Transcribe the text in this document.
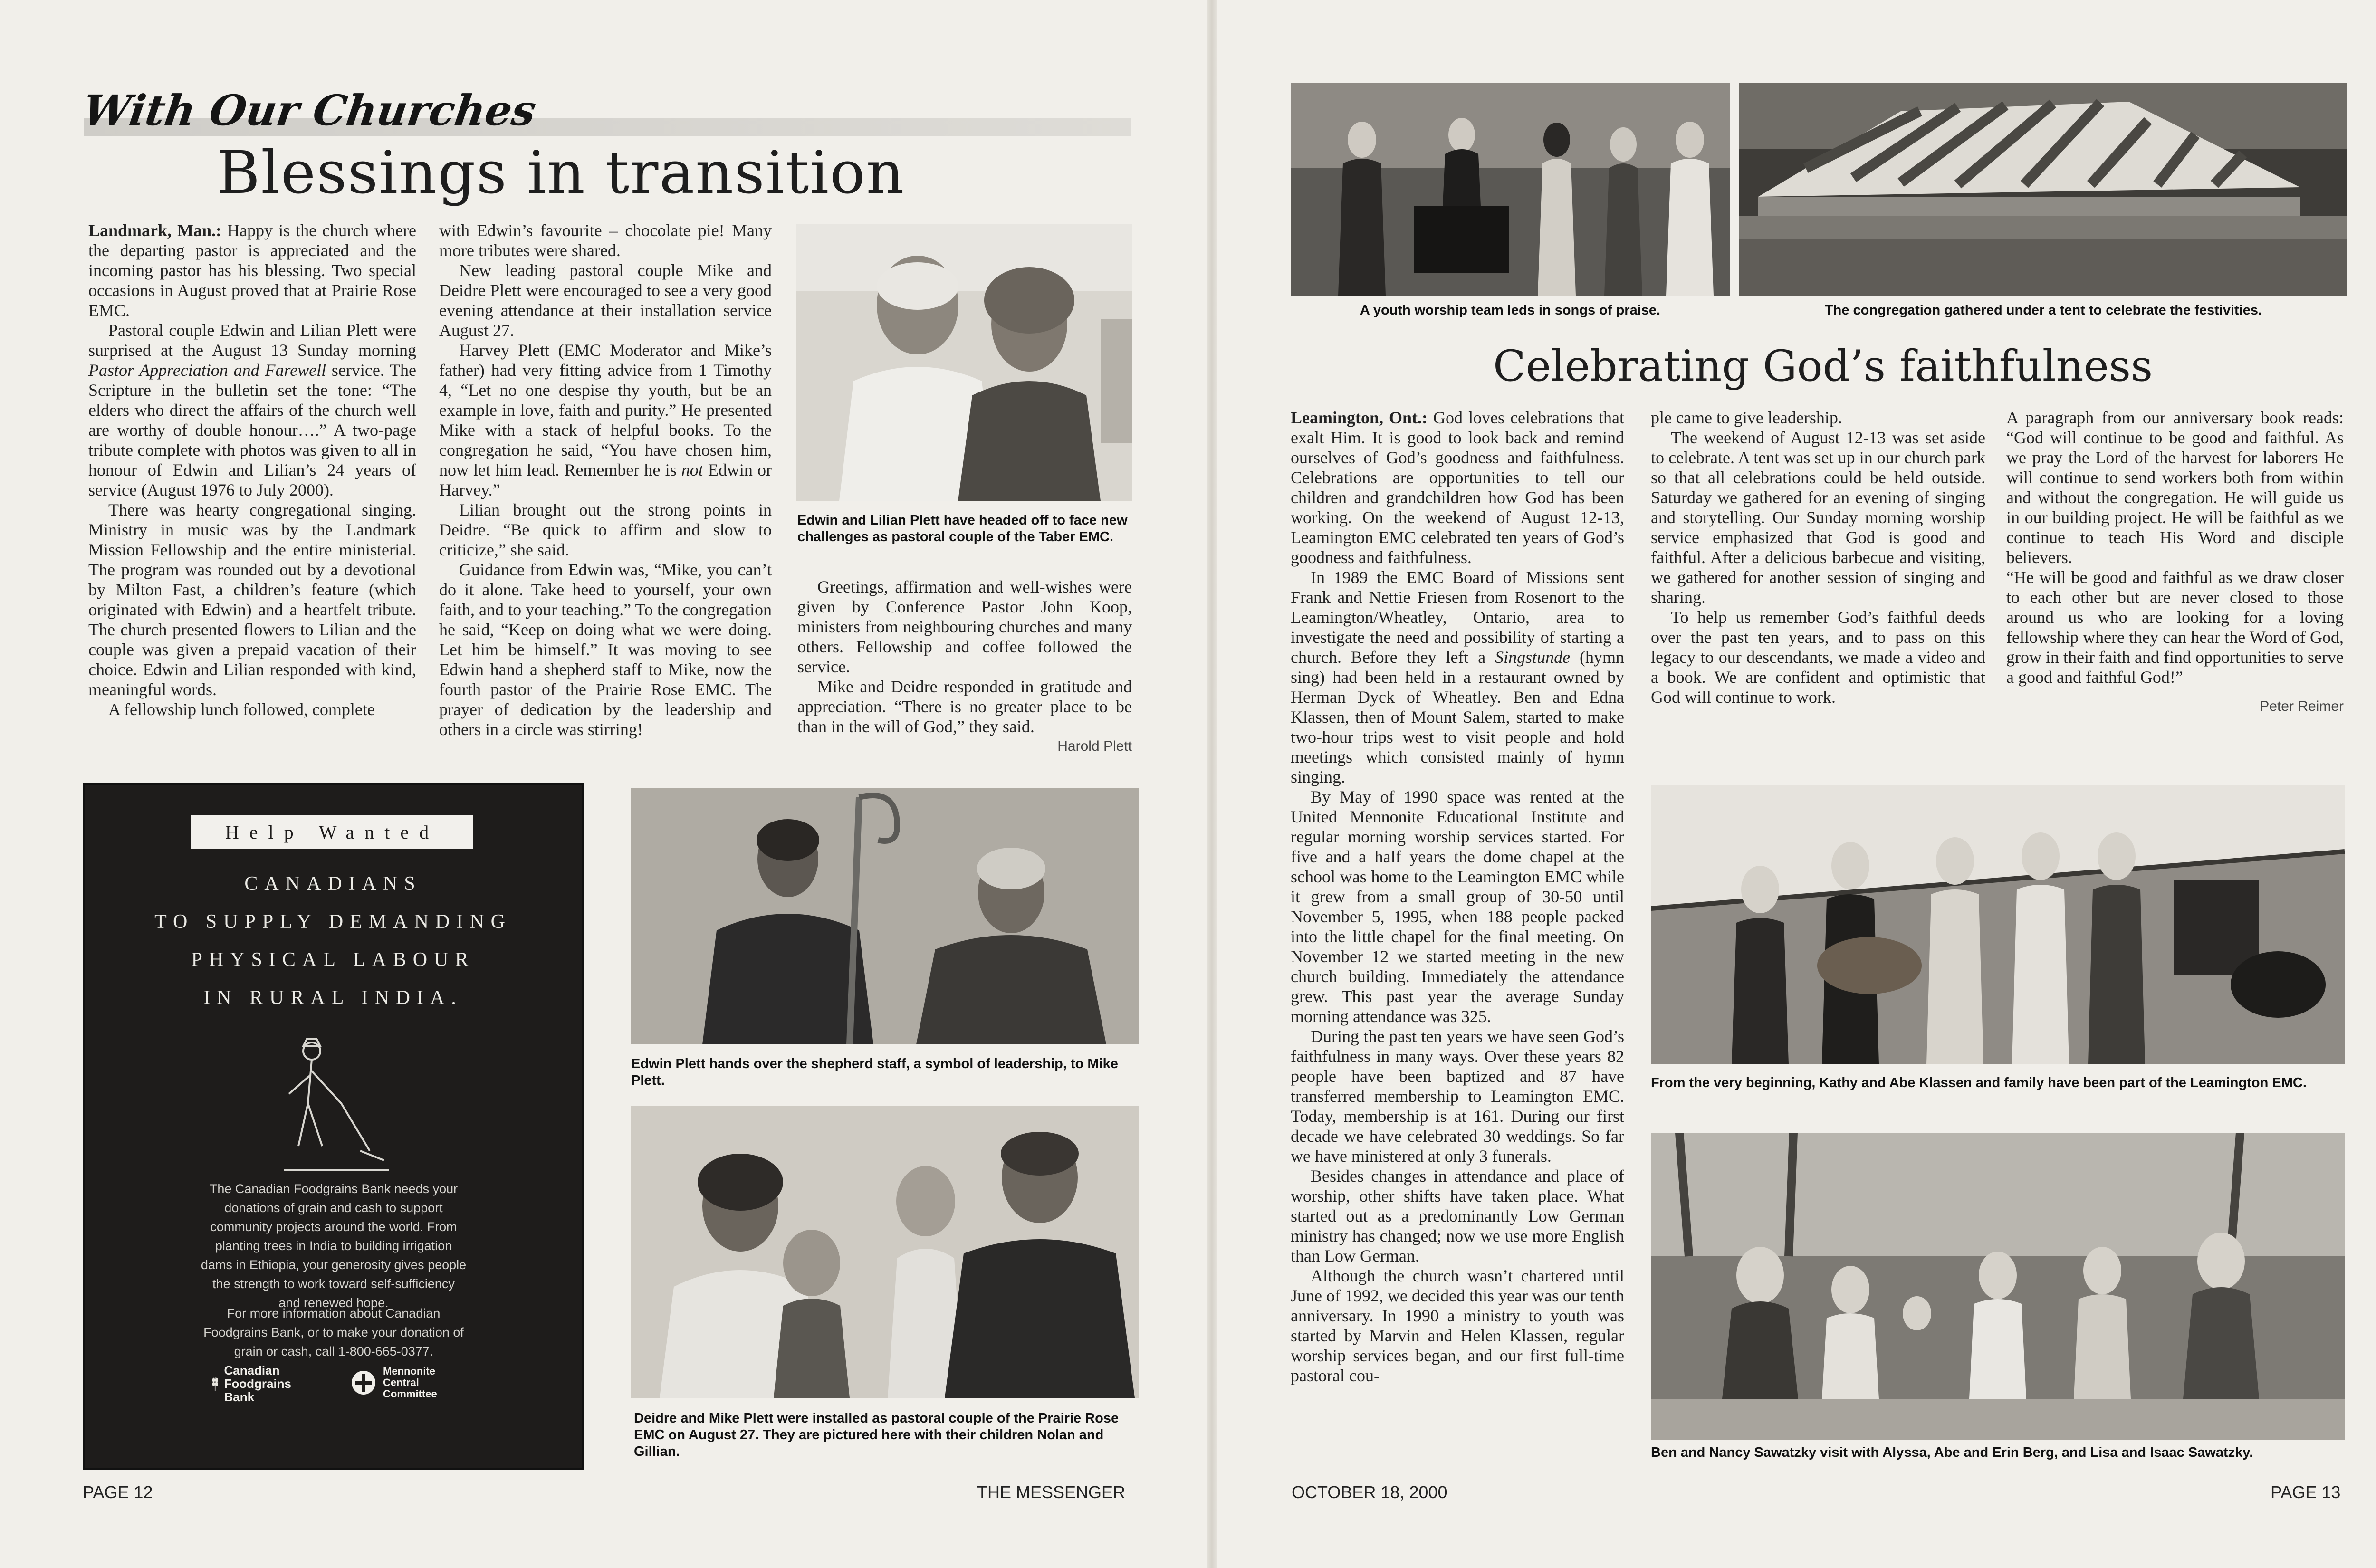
With Our Churches
Blessings in transition

Landmark, Man.: Happy is the church where the departing pastor is appreciated and the incoming pastor has his blessing. Two special occasions in August proved that at Prairie Rose EMC.

Pastoral couple Edwin and Lilian Plett were surprised at the August 13 Sunday morning Pastor Appreciation and Farewell service. The Scripture in the bulletin set the tone: “The elders who direct the affairs of the church well are worthy of double honour….” A two-page tribute complete with photos was given to all in honour of Edwin and Lilian’s 24 years of service (August 1976 to July 2000).

There was hearty congregational singing. Ministry in music was by the Landmark Mission Fellowship and the entire ministerial. The program was rounded out by a devotional by Milton Fast, a children’s feature (which originated with Edwin) and a heartfelt tribute. The church presented flowers to Lilian and the couple was given a prepaid vacation of their choice. Edwin and Lilian responded with kind, meaningful words.

A fellowship lunch followed, complete

with Edwin’s favourite – chocolate pie! Many more tributes were shared.

New leading pastoral couple Mike and Deidre Plett were encouraged to see a very good evening attendance at their installation service August 27.

Harvey Plett (EMC Moderator and Mike’s father) had very fitting advice from 1 Timothy 4, “Let no one despise thy youth, but be an example in love, faith and purity.” He presented Mike with a stack of helpful books. To the congregation he said, “You have chosen him, now let him lead. Remember he is not Edwin or Harvey.”

Lilian brought out the strong points in Deidre. “Be quick to affirm and slow to criticize,” she said.

Guidance from Edwin was, “Mike, you can’t do it alone. Take heed to yourself, your own faith, and to your teaching.” To the congregation he said, “Keep on doing what we were doing. Let him be himself.” It was moving to see Edwin hand a shepherd staff to Mike, now the fourth pastor of the Prairie Rose EMC. The prayer of dedication by the leadership and others in a circle was stirring!

Edwin and Lilian Plett have headed off to face new challenges as pastoral couple of the Taber EMC.

Greetings, affirmation and well-wishes were given by Conference Pastor John Koop, ministers from neighbouring churches and many others. Fellowship and coffee followed the service.

Mike and Deidre responded in gratitude and appreciation. “There is no greater place to be than in the will of God,” they said.

Harold Plett
Help Wanted
CANADIANS
TO SUPPLY DEMANDING
PHYSICAL LABOUR
IN RURAL INDIA.
The Canadian Foodgrains Bank needs your donations of grain and cash to support community projects around the world. From planting trees in India to building irrigation dams in Ethiopia, your generosity gives people the strength to work toward self-sufficiency and renewed hope.
For more information about Canadian Foodgrains Bank, or to make your donation of grain or cash, call 1-800-665-0377.
Canadian Foodgrains Bank
Mennonite Central Committee
Edwin Plett hands over the shepherd staff, a symbol of leadership, to Mike Plett.
Deidre and Mike Plett were installed as pastoral couple of the Prairie Rose EMC on August 27. They are pictured here with their children Nolan and Gillian.
PAGE 12	THE MESSENGER
A youth worship team leds in songs of praise.	The congregation gathered under a tent to celebrate the festivities.
Celebrating God’s faithfulness

Leamington, Ont.: God loves celebrations that exalt Him. It is good to look back and remind ourselves of God’s goodness and faithfulness. Celebrations are opportunities to tell our children and grandchildren how God has been working. On the weekend of August 12-13, Leamington EMC celebrated ten years of God’s goodness and faithfulness.

In 1989 the EMC Board of Missions sent Frank and Nettie Friesen from Rosenort to the Leamington/Wheatley, Ontario, area to investigate the need and possibility of starting a church. Before they left a Singstunde (hymn sing) had been held in a restaurant owned by Herman Dyck of Wheatley. Ben and Edna Klassen, then of Mount Salem, started to make two-hour trips west to visit people and hold meetings which consisted mainly of hymn singing.

By May of 1990 space was rented at the United Mennonite Educational Institute and regular morning worship services started. For five and a half years the dome chapel at the school was home to the Leamington EMC while it grew from a small group of 30-50 until November 5, 1995, when 188 people packed into the little chapel for the final meeting. On November 12 we started meeting in the new church building. Immediately the attendance grew. This past year the average Sunday morning attendance was 325.

During the past ten years we have seen God’s faithfulness in many ways. Over these years 82 people have been baptized and 87 have transferred membership to Leamington EMC. Today, membership is at 161. During our first decade we have celebrated 30 weddings. So far we have ministered at only 3 funerals.

Besides changes in attendance and place of worship, other shifts have taken place. What started out as a predominantly Low German ministry has changed; now we use more English than Low German.

Although the church wasn’t chartered until June of 1992, we decided this year was our tenth anniversary. In 1990 a ministry to youth was started by Marvin and Helen Klassen, regular worship services began, and our first full-time pastoral cou-

ple came to give leadership.

The weekend of August 12-13 was set aside to celebrate. A tent was set up in our church park so that all celebrations could be held outside. Saturday we gathered for an evening of singing and storytelling. Our Sunday morning worship service emphasized that God is good and faithful. After a delicious barbecue and visiting, we gathered for another session of singing and sharing.

To help us remember God’s faithful deeds over the past ten years, and to pass on this legacy to our descendants, we made a video and a book. We are confident and optimistic that God will continue to work.

A paragraph from our anniversary book reads: “God will continue to be good and faithful. As we pray the Lord of the harvest for laborers He will continue to send workers both from within and without the congregation. He will guide us in our building project. He will be faithful as we continue to teach His Word and disciple believers.

“He will be good and faithful as we draw closer to each other but are never closed to those around us who are looking for a loving fellowship where they can hear the Word of God, grow in their faith and find opportunities to serve a good and faithful God!”

Peter Reimer
From the very beginning, Kathy and Abe Klassen and family have been part of the Leamington EMC.
Ben and Nancy Sawatzky visit with Alyssa, Abe and Erin Berg, and Lisa and Isaac Sawatzky.
OCTOBER 18, 2000	PAGE 13
